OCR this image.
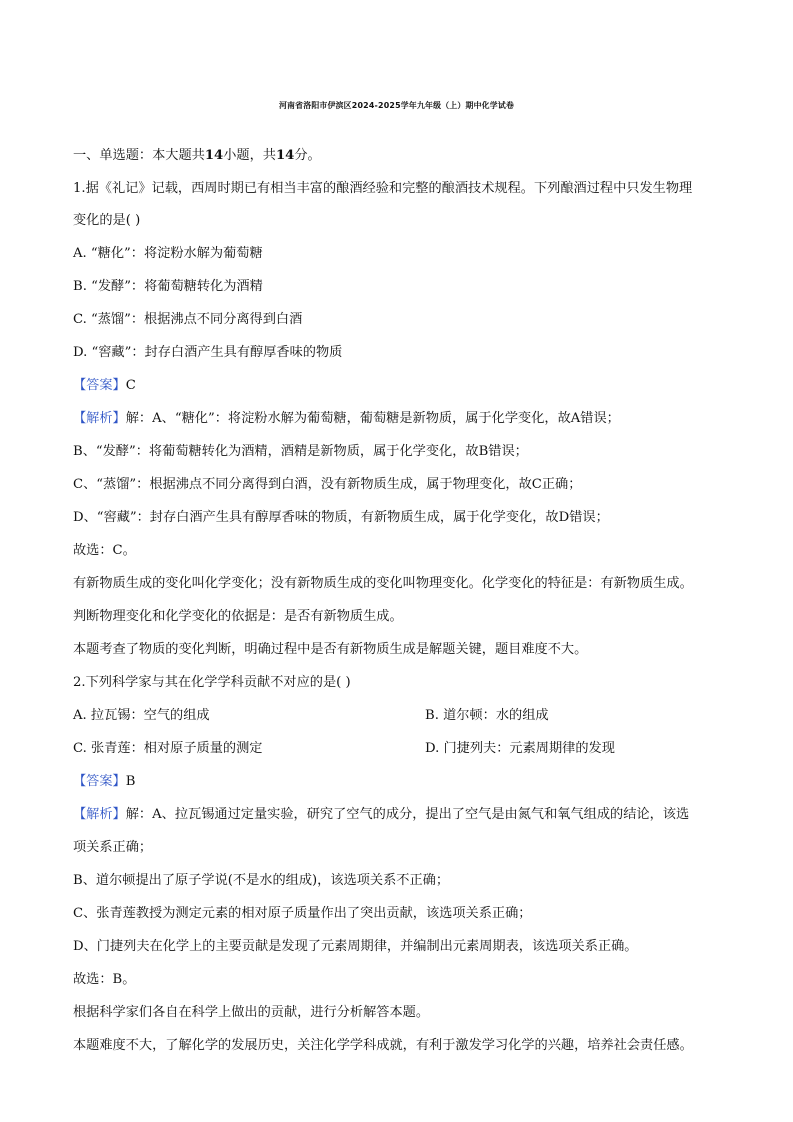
河南省洛阳市伊滨区2024-2025学年九年级（上）期中化学试卷
一、单选题：本大题共14小题，共14分。
1.据《礼记》记载，西周时期已有相当丰富的酿酒经验和完整的酿酒技术规程。下列酿酒过程中只发生物理
变化的是( )
A. “糖化”：将淀粉水解为葡萄糖
B. “发酵”：将葡萄糖转化为酒精
C. “蒸馏”：根据沸点不同分离得到白酒
D. “窖藏”：封存白酒产生具有醇厚香味的物质
【答案】C
【解析】解：A、“糖化”：将淀粉水解为葡萄糖，葡萄糖是新物质，属于化学变化，故A错误；
B、“发酵”：将葡萄糖转化为酒精，酒精是新物质，属于化学变化，故B错误；
C、“蒸馏”：根据沸点不同分离得到白酒，没有新物质生成，属于物理变化，故C正确；
D、“窖藏”：封存白酒产生具有醇厚香味的物质，有新物质生成，属于化学变化，故D错误；
故选：C。
有新物质生成的变化叫化学变化；没有新物质生成的变化叫物理变化。化学变化的特征是：有新物质生成。
判断物理变化和化学变化的依据是：是否有新物质生成。
本题考查了物质的变化判断，明确过程中是否有新物质生成是解题关键，题目难度不大。
2.下列科学家与其在化学学科贡献不对应的是( )
A. 拉瓦锡：空气的组成	B. 道尔顿：水的组成
C. 张青莲：相对原子质量的测定	D. 门捷列夫：元素周期律的发现
【答案】B
【解析】解：A、拉瓦锡通过定量实验，研究了空气的成分，提出了空气是由氮气和氧气组成的结论，该选
项关系正确；
B、道尔顿提出了原子学说(不是水的组成)，该选项关系不正确；
C、张青莲教授为测定元素的相对原子质量作出了突出贡献，该选项关系正确；
D、门捷列夫在化学上的主要贡献是发现了元素周期律，并编制出元素周期表，该选项关系正确。
故选：B。
根据科学家们各自在科学上做出的贡献，进行分析解答本题。
本题难度不大，了解化学的发展历史，关注化学学科成就，有利于激发学习化学的兴趣，培养社会责任感。
